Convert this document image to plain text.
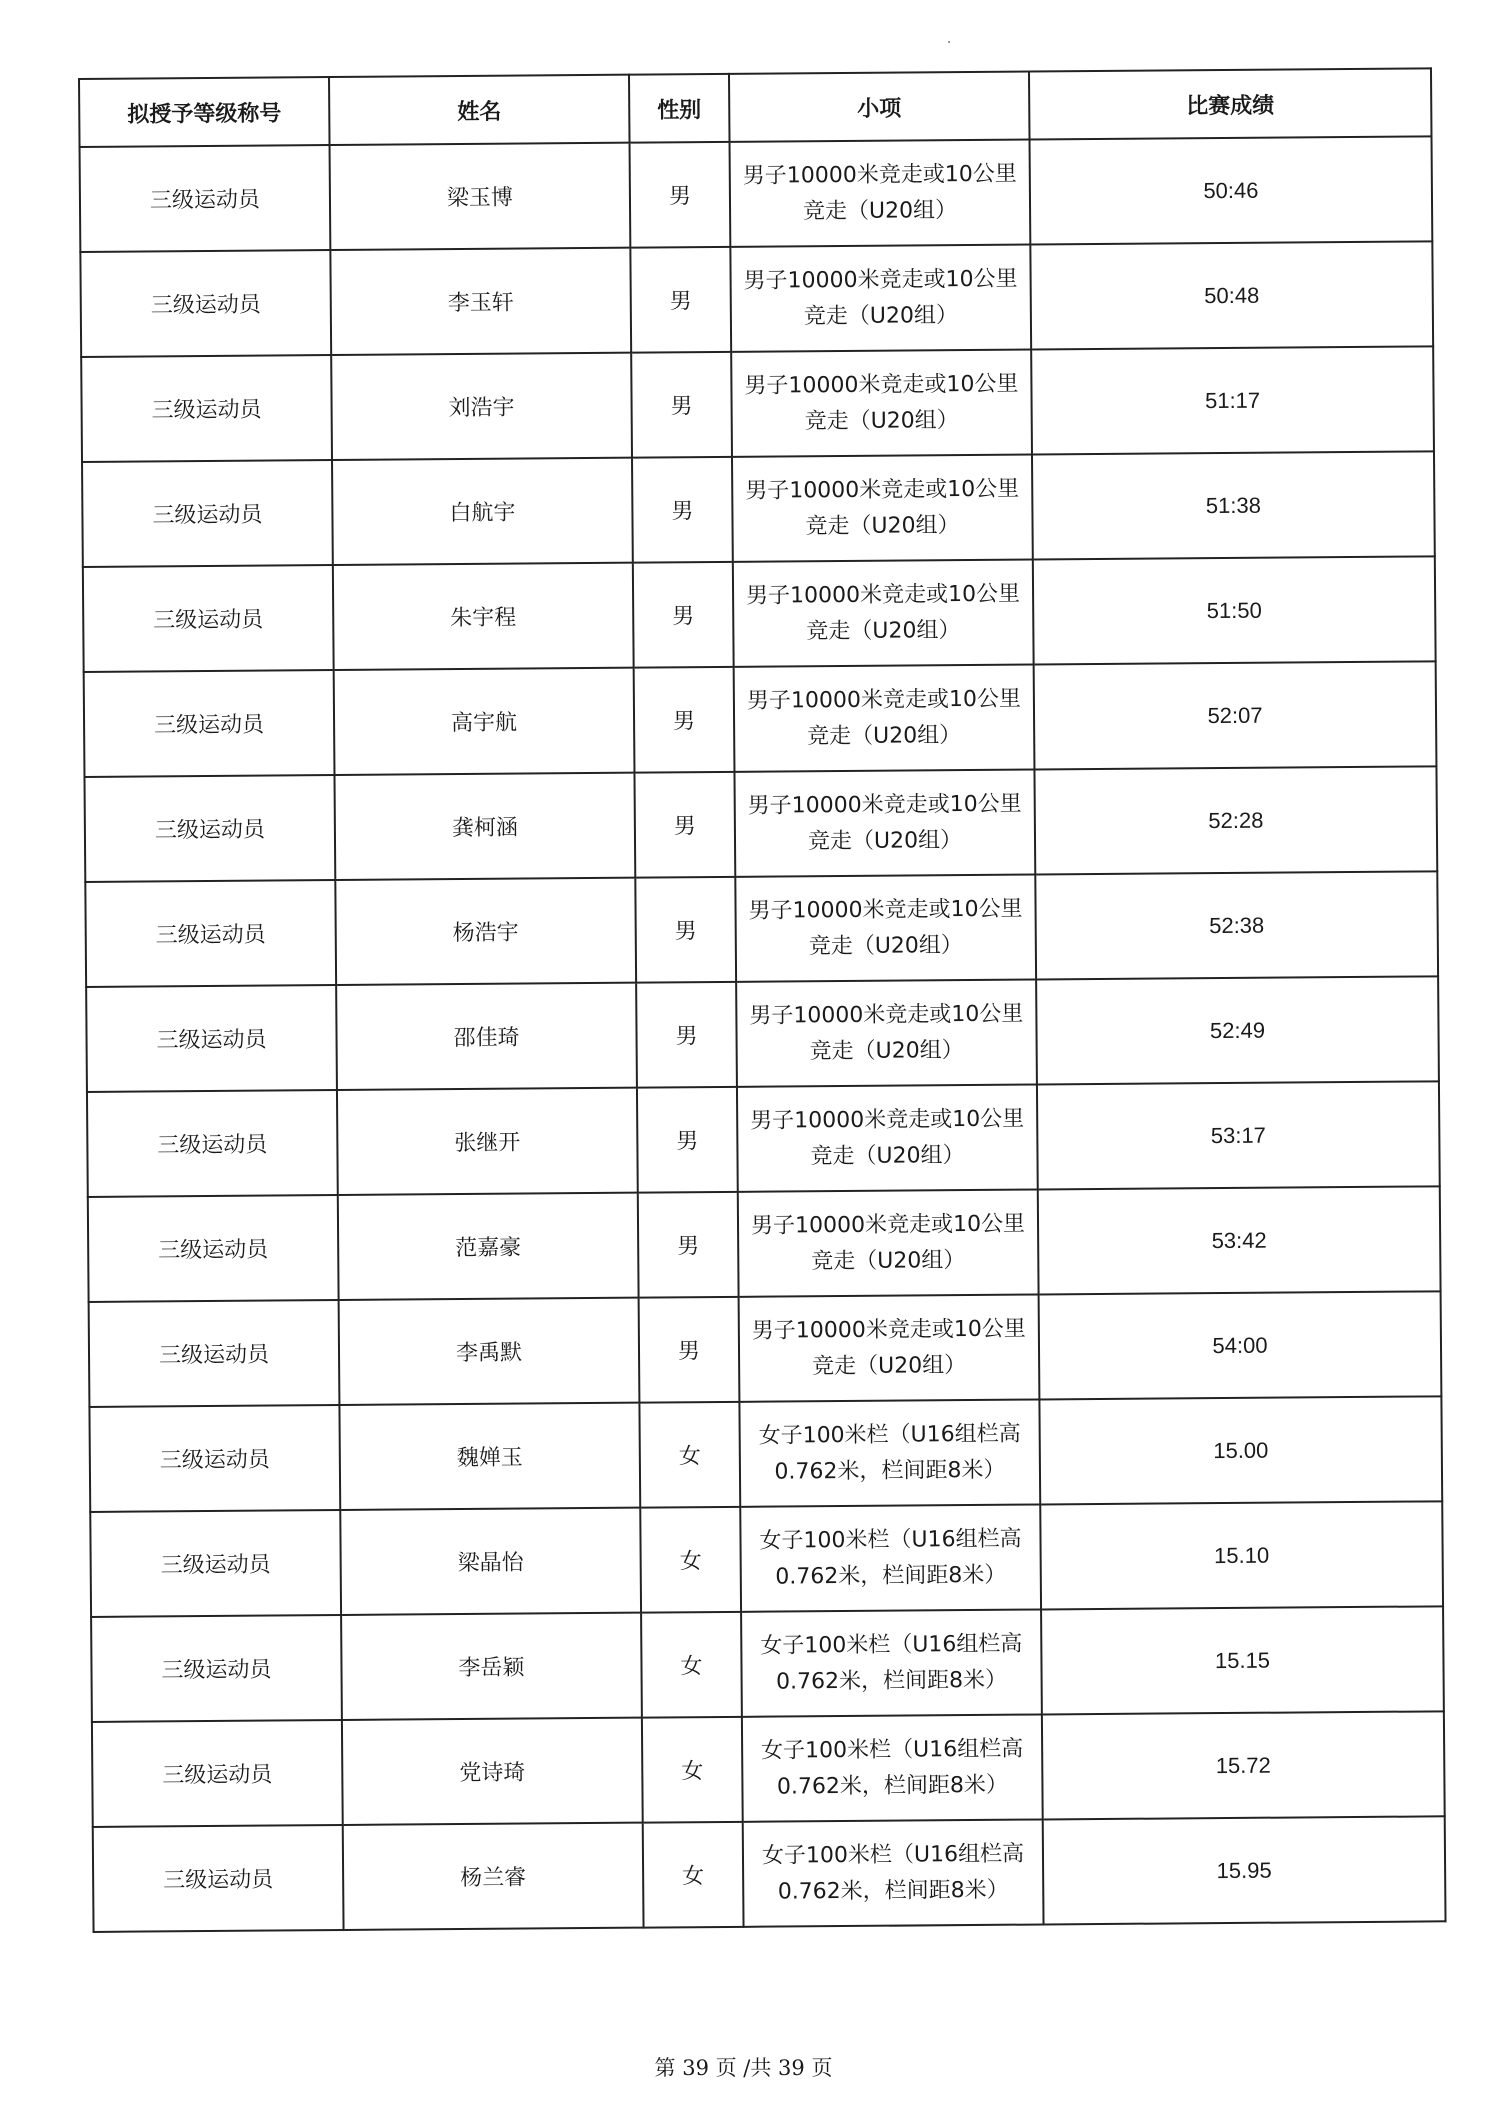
拟授予等级称号	姓名	性别	小项	比赛成绩
三级运动员	梁玉博	男	男子10000米竞走或10公里
竞走（U20组）	50:46
三级运动员	李玉轩	男	男子10000米竞走或10公里
竞走（U20组）	50:48
三级运动员	刘浩宇	男	男子10000米竞走或10公里
竞走（U20组）	51:17
三级运动员	白航宇	男	男子10000米竞走或10公里
竞走（U20组）	51:38
三级运动员	朱宇程	男	男子10000米竞走或10公里
竞走（U20组）	51:50
三级运动员	高宇航	男	男子10000米竞走或10公里
竞走（U20组）	52:07
三级运动员	龚柯涵	男	男子10000米竞走或10公里
竞走（U20组）	52:28
三级运动员	杨浩宇	男	男子10000米竞走或10公里
竞走（U20组）	52:38
三级运动员	邵佳琦	男	男子10000米竞走或10公里
竞走（U20组）	52:49
三级运动员	张继开	男	男子10000米竞走或10公里
竞走（U20组）	53:17
三级运动员	范嘉豪	男	男子10000米竞走或10公里
竞走（U20组）	53:42
三级运动员	李禹默	男	男子10000米竞走或10公里
竞走（U20组）	54:00
三级运动员	魏婵玉	女	女子100米栏（U16组栏高
0.762米，栏间距8米）	15.00
三级运动员	梁晶怡	女	女子100米栏（U16组栏高
0.762米，栏间距8米）	15.10
三级运动员	李岳颖	女	女子100米栏（U16组栏高
0.762米，栏间距8米）	15.15
三级运动员	党诗琦	女	女子100米栏（U16组栏高
0.762米，栏间距8米）	15.72
三级运动员	杨兰睿	女	女子100米栏（U16组栏高
0.762米，栏间距8米）	15.95
第 39 页 /共 39 页
